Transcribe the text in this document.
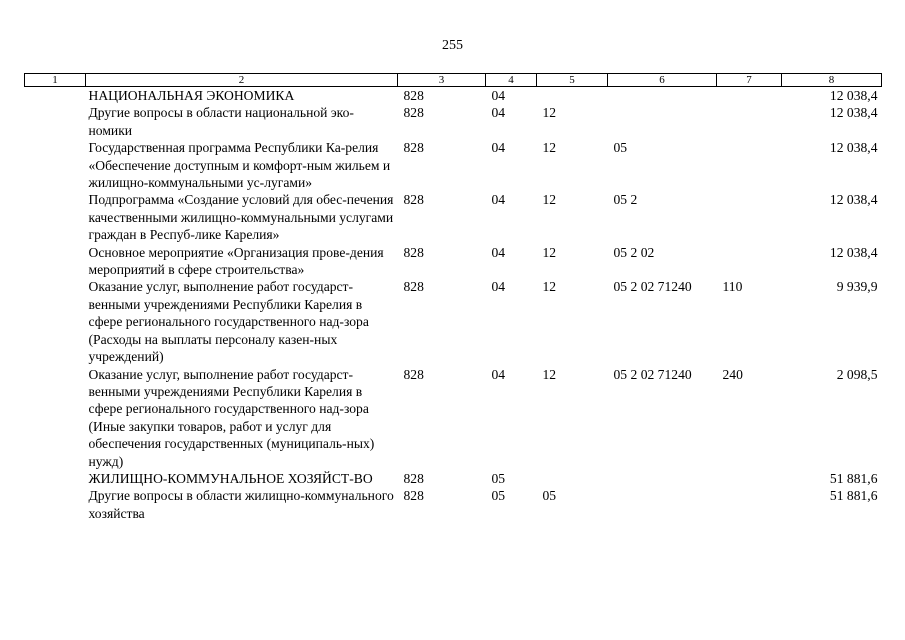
255
1	2	3	4	5	6	7	8
	НАЦИОНАЛЬНАЯ ЭКОНОМИКА	828	04				12 038,4
	Другие вопросы в области национальной эко-номики	828	04	12			12 038,4
	Государственная программа Республики Ка-релия «Обеспечение доступным и комфорт-ным жильем и жилищно-коммунальными ус-лугами»	828	04	12	05		12 038,4
	Подпрограмма «Создание условий для обес-печения качественными жилищно-коммунальными услугами граждан в Респуб-лике Карелия»	828	04	12	05 2		12 038,4
	Основное мероприятие «Организация прове-дения мероприятий в сфере строительства»	828	04	12	05 2 02		12 038,4
	Оказание услуг, выполнение работ государст-венными учреждениями Республики Карелия в сфере регионального государственного над-зора (Расходы на выплаты персоналу казен-ных учреждений)	828	04	12	05 2 02 71240	110	9 939,9
	Оказание услуг, выполнение работ государст-венными учреждениями Республики Карелия в сфере регионального государственного над-зора (Иные закупки товаров, работ и услуг для обеспечения государственных (муниципаль-ных) нужд)	828	04	12	05 2 02 71240	240	2 098,5
	ЖИЛИЩНО-КОММУНАЛЬНОЕ ХОЗЯЙСТ-ВО	828	05				51 881,6
	Другие вопросы в области жилищно-коммунального хозяйства	828	05	05			51 881,6
